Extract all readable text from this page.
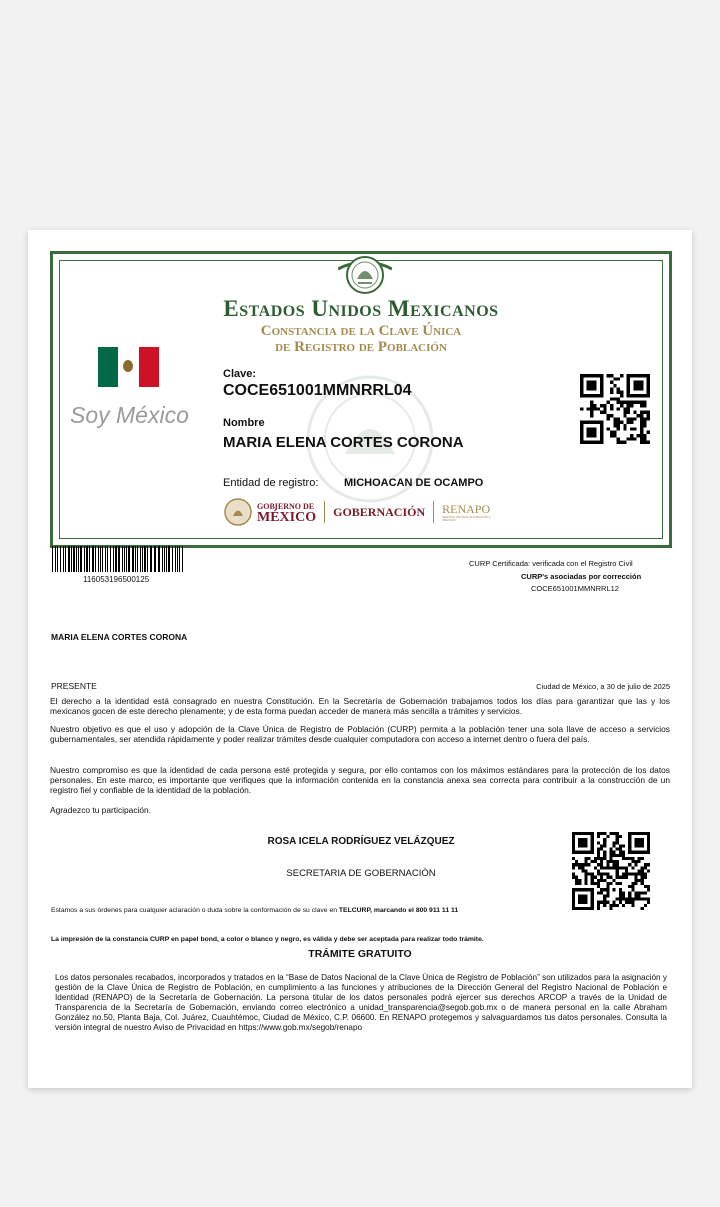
Estados Unidos Mexicanos
Constancia de la Clave Única
de Registro de Población
Soy México
Clave:
COCE651001MMNRRL04
Nombre
MARIA ELENA CORTES CORONA
Entidad de registro: MICHOACAN DE OCAMPO
GOBIERNO DE
MÉXICO GOBERNACIÓN RENAPO
REGISTRO NACIONAL DE POBLACIÓN E IDENTIDAD
116053196500125
CURP Certificada: verificada con el Registro Civil
CURP's asociadas por corrección
COCE651001MMNRRL12
MARIA ELENA CORTES CORONA
PRESENTE	Ciudad de México, a 30 de julio de 2025
El derecho a la identidad está consagrado en nuestra Constitución. En la Secretaría de Gobernación trabajamos todos los días para garantizar que las y los mexicanos gocen de este derecho plenamente; y de esta forma puedan acceder de manera más sencilla a trámites y servicios.
Nuestro objetivo es que el uso y adopción de la Clave Única de Registro de Población (CURP) permita a la población tener una sola llave de acceso a servicios gubernamentales, ser atendida rápidamente y poder realizar trámites desde cualquier computadora con acceso a internet dentro o fuera del país.
Nuestro compromiso es que la identidad de cada persona esté protegida y segura, por ello contamos con los máximos estándares para la protección de los datos personales. En este marco, es importante que verifiques que la información contenida en la constancia anexa sea correcta para contribuir a la construcción de un registro fiel y confiable de la identidad de la población.
Agradezco tu participación.
ROSA ICELA RODRÍGUEZ VELÁZQUEZ
SECRETARIA DE GOBERNACIÓN
Estamos a sus órdenes para cualquier aclaración o duda sobre la conformación de su clave en TELCURP, marcando el 800 911 11 11
La impresión de la constancia CURP en papel bond, a color o blanco y negro, es válida y debe ser aceptada para realizar todo trámite.
TRÁMITE GRATUITO
Los datos personales recabados, incorporados y tratados en la “Base de Datos Nacional de la Clave Única de Registro de Población” son utilizados para la asignación y gestión de la Clave Única de Registro de Población, en cumplimiento a las funciones y atribuciones de la Dirección General del Registro Nacional de Población e Identidad (RENAPO) de la Secretaría de Gobernación. La persona titular de los datos personales podrá ejercer sus derechos ARCOP a través de la Unidad de Transparencia de la Secretaría de Gobernación, enviando correo electrónico a unidad_transparencia@segob.gob.mx o de manera personal en la calle Abraham González no.50, Planta Baja, Col. Juárez, Cuauhtémoc, Ciudad de México, C.P. 06600. En RENAPO protegemos y salvaguardamos tus datos personales. Consulta la versión integral de nuestro Aviso de Privacidad en https://www.gob.mx/segob/renapo
